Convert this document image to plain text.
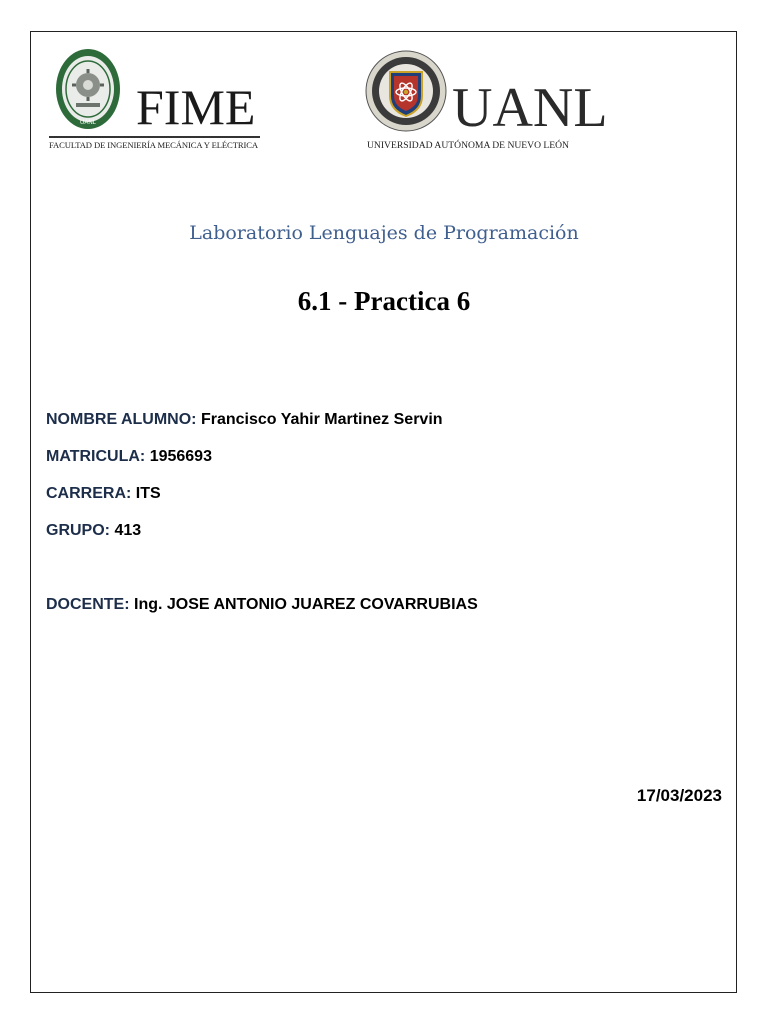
UANL FIME
FACULTAD DE INGENIERÍA MECÁNICA Y ELÉCTRICA
UANL
UNIVERSIDAD AUTÓNOMA DE NUEVO LEÓN
Laboratorio Lenguajes de Programación
6.1 - Practica 6
NOMBRE ALUMNO: Francisco Yahir Martinez Servin
MATRICULA: 1956693
CARRERA: ITS
GRUPO: 413
DOCENTE: Ing. JOSE ANTONIO JUAREZ COVARRUBIAS
17/03/2023
